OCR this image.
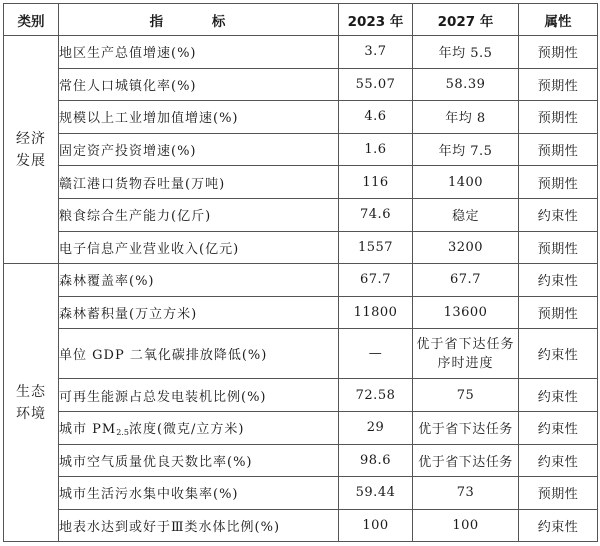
类别	指 标	2023 年	2027 年	属性

经济
发展	地区生产总值增速(%)	3.7	年均 5.5	预期性
	常住人口城镇化率(%)	55.07	58.39	预期性
	规模以上工业增加值增速(%)	4.6	年均 8	预期性
	固定资产投资增速(%)	1.6	年均 7.5	预期性
	赣江港口货物吞吐量(万吨)	116	1400	预期性
	粮食综合生产能力(亿斤)	74.6	稳定	约束性
	电子信息产业营业收入(亿元)	1557	3200	预期性

生态
环境	森林覆盖率(%)	67.7	67.7	约束性
	森林蓄积量(万立方米)	11800	13600	预期性
	单位 GDP 二氧化碳排放降低(%)	—	优于省下达任务序时进度	约束性
	可再生能源占总发电装机比例(%)	72.58	75	约束性
	城市 $PM_{2.5}$浓度(微克/立方米)	29	优于省下达任务	约束性
	城市空气质量优良天数比率(%)	98.6	优于省下达任务	约束性
	城市生活污水集中收集率(%)	59.44	73	预期性
	地表水达到或好于Ⅲ类水体比例(%)	100	100	约束性
